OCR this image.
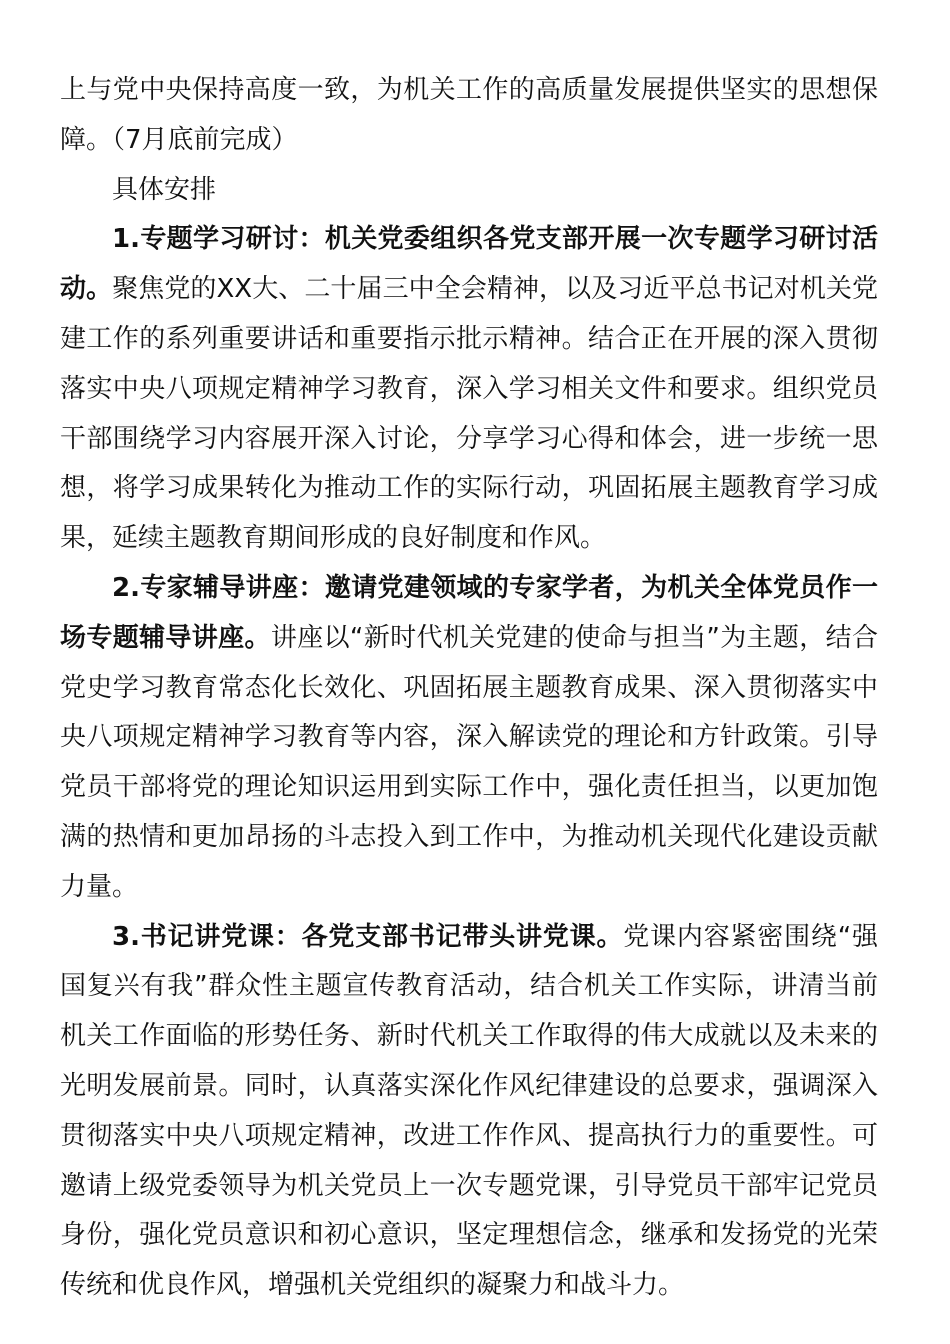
上与党中央保持高度一致，为机关工作的高质量发展提供坚实的思想保障。（7月底前完成）

具体安排

1.专题学习研讨：机关党委组织各党支部开展一次专题学习研讨活动。聚焦党的XX大、二十届三中全会精神，以及习近平总书记对机关党建工作的系列重要讲话和重要指示批示精神。结合正在开展的深入贯彻落实中央八项规定精神学习教育，深入学习相关文件和要求。组织党员干部围绕学习内容展开深入讨论，分享学习心得和体会，进一步统一思想，将学习成果转化为推动工作的实际行动，巩固拓展主题教育学习成果，延续主题教育期间形成的良好制度和作风。

2.专家辅导讲座：邀请党建领域的专家学者，为机关全体党员作一场专题辅导讲座。讲座以“新时代机关党建的使命与担当”为主题，结合党史学习教育常态化长效化、巩固拓展主题教育成果、深入贯彻落实中央八项规定精神学习教育等内容，深入解读党的理论和方针政策。引导党员干部将党的理论知识运用到实际工作中，强化责任担当，以更加饱满的热情和更加昂扬的斗志投入到工作中，为推动机关现代化建设贡献力量。

3.书记讲党课：各党支部书记带头讲党课。党课内容紧密围绕“强国复兴有我”群众性主题宣传教育活动，结合机关工作实际，讲清当前机关工作面临的形势任务、新时代机关工作取得的伟大成就以及未来的光明发展前景。同时，认真落实深化作风纪律建设的总要求，强调深入贯彻落实中央八项规定精神，改进工作作风、提高执行力的重要性。可邀请上级党委领导为机关党员上一次专题党课，引导党员干部牢记党员身份，强化党员意识和初心意识，坚定理想信念，继承和发扬党的光荣传统和优良作风，增强机关党组织的凝聚力和战斗力。
